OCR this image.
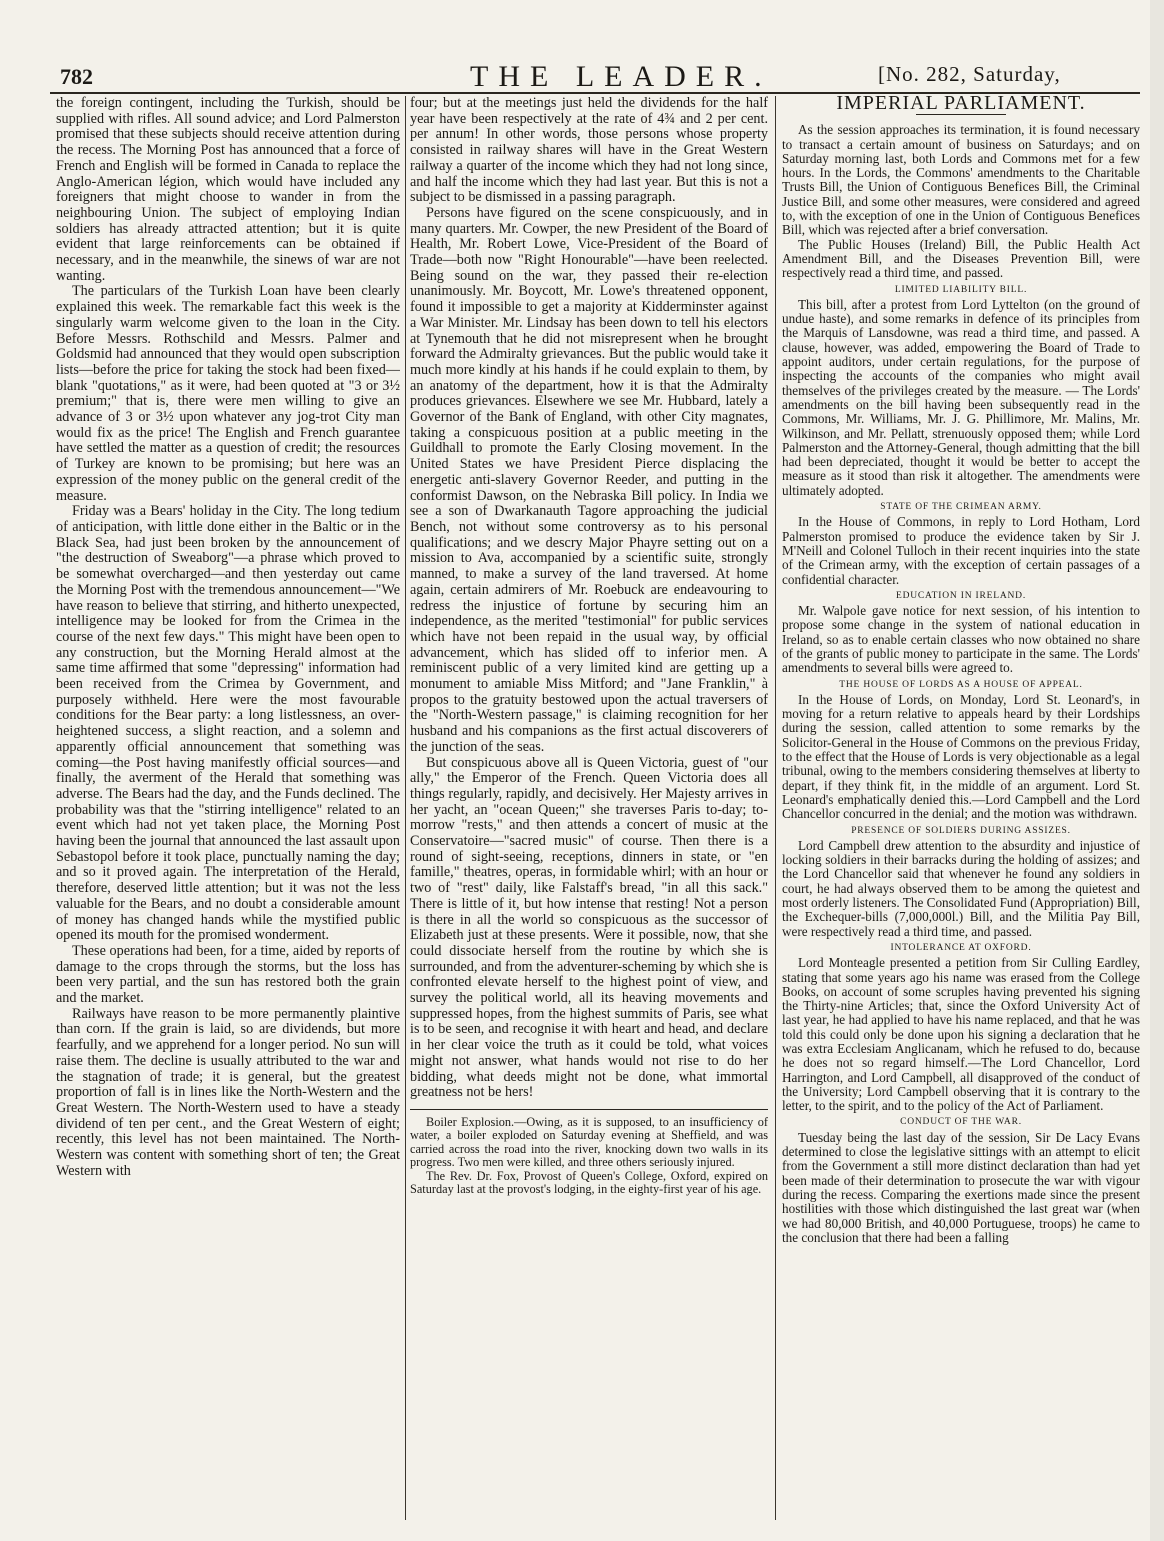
782	THE LEADER.	[No. 282, Saturday,

the foreign contingent, including the Turkish, should be supplied with rifles. All sound advice; and Lord Palmerston promised that these subjects should receive attention during the recess. The Morning Post has announced that a force of French and English will be formed in Canada to replace the Anglo-American légion, which would have included any foreigners that might choose to wander in from the neighbouring Union. The subject of employing Indian soldiers has already attracted attention; but it is quite evident that large reinforcements can be obtained if necessary, and in the meanwhile, the sinews of war are not wanting.

The particulars of the Turkish Loan have been clearly explained this week. The remarkable fact this week is the singularly warm welcome given to the loan in the City. Before Messrs. Rothschild and Messrs. Palmer and Goldsmid had announced that they would open subscription lists—before the price for taking the stock had been fixed—blank "quotations," as it were, had been quoted at "3 or 3½ premium;" that is, there were men willing to give an advance of 3 or 3½ upon whatever any jog-trot City man would fix as the price! The English and French guarantee have settled the matter as a question of credit; the resources of Turkey are known to be promising; but here was an expression of the money public on the general credit of the measure.

Friday was a Bears' holiday in the City. The long tedium of anticipation, with little done either in the Baltic or in the Black Sea, had just been broken by the announcement of "the destruction of Sweaborg"—a phrase which proved to be somewhat overcharged—and then yesterday out came the Morning Post with the tremendous announcement—"We have reason to believe that stirring, and hitherto unexpected, intelligence may be looked for from the Crimea in the course of the next few days." This might have been open to any construction, but the Morning Herald almost at the same time affirmed that some "depressing" information had been received from the Crimea by Government, and purposely withheld. Here were the most favourable conditions for the Bear party: a long listlessness, an over-heightened success, a slight reaction, and a solemn and apparently official announcement that something was coming—the Post having manifestly official sources—and finally, the averment of the Herald that something was adverse. The Bears had the day, and the Funds declined. The probability was that the "stirring intelligence" related to an event which had not yet taken place, the Morning Post having been the journal that announced the last assault upon Sebastopol before it took place, punctually naming the day; and so it proved again. The interpretation of the Herald, therefore, deserved little attention; but it was not the less valuable for the Bears, and no doubt a considerable amount of money has changed hands while the mystified public opened its mouth for the promised wonderment.

These operations had been, for a time, aided by reports of damage to the crops through the storms, but the loss has been very partial, and the sun has restored both the grain and the market.

Railways have reason to be more permanently plaintive than corn. If the grain is laid, so are dividends, but more fearfully, and we apprehend for a longer period. No sun will raise them. The decline is usually attributed to the war and the stagnation of trade; it is general, but the greatest proportion of fall is in lines like the North-Western and the Great Western. The North-Western used to have a steady dividend of ten per cent., and the Great Western of eight; recently, this level has not been maintained. The North-Western was content with something short of ten; the Great Western with

four; but at the meetings just held the dividends for the half year have been respectively at the rate of 4¾ and 2 per cent. per annum! In other words, those persons whose property consisted in railway shares will have in the Great Western railway a quarter of the income which they had not long since, and half the income which they had last year. But this is not a subject to be dismissed in a passing paragraph.

Persons have figured on the scene conspicuously, and in many quarters. Mr. Cowper, the new President of the Board of Health, Mr. Robert Lowe, Vice-President of the Board of Trade—both now "Right Honourable"—have been reelected. Being sound on the war, they passed their re-election unanimously. Mr. Boycott, Mr. Lowe's threatened opponent, found it impossible to get a majority at Kidderminster against a War Minister. Mr. Lindsay has been down to tell his electors at Tynemouth that he did not misrepresent when he brought forward the Admiralty grievances. But the public would take it much more kindly at his hands if he could explain to them, by an anatomy of the department, how it is that the Admiralty produces grievances. Elsewhere we see Mr. Hubbard, lately a Governor of the Bank of England, with other City magnates, taking a conspicuous position at a public meeting in the Guildhall to promote the Early Closing movement. In the United States we have President Pierce displacing the energetic anti-slavery Governor Reeder, and putting in the conformist Dawson, on the Nebraska Bill policy. In India we see a son of Dwarkanauth Tagore approaching the judicial Bench, not without some controversy as to his personal qualifications; and we descry Major Phayre setting out on a mission to Ava, accompanied by a scientific suite, strongly manned, to make a survey of the land traversed. At home again, certain admirers of Mr. Roebuck are endeavouring to redress the injustice of fortune by securing him an independence, as the merited "testimonial" for public services which have not been repaid in the usual way, by official advancement, which has slided off to inferior men. A reminiscent public of a very limited kind are getting up a monument to amiable Miss Mitford; and "Jane Franklin," à propos to the gratuity bestowed upon the actual traversers of the "North-Western passage," is claiming recognition for her husband and his companions as the first actual discoverers of the junction of the seas.

But conspicuous above all is Queen Victoria, guest of "our ally," the Emperor of the French. Queen Victoria does all things regularly, rapidly, and decisively. Her Majesty arrives in her yacht, an "ocean Queen;" she traverses Paris to-day; to-morrow "rests," and then attends a concert of music at the Conservatoire—"sacred music" of course. Then there is a round of sight-seeing, receptions, dinners in state, or "en famille," theatres, operas, in formidable whirl; with an hour or two of "rest" daily, like Falstaff's bread, "in all this sack." There is little of it, but how intense that resting! Not a person is there in all the world so conspicuous as the successor of Elizabeth just at these presents. Were it possible, now, that she could dissociate herself from the routine by which she is surrounded, and from the adventurer-scheming by which she is confronted elevate herself to the highest point of view, and survey the political world, all its heaving movements and suppressed hopes, from the highest summits of Paris, see what is to be seen, and recognise it with heart and head, and declare in her clear voice the truth as it could be told, what voices might not answer, what hands would not rise to do her bidding, what deeds might not be done, what immortal greatness not be hers!

Boiler Explosion.—Owing, as it is supposed, to an insufficiency of water, a boiler exploded on Saturday evening at Sheffield, and was carried across the road into the river, knocking down two walls in its progress. Two men were killed, and three others seriously injured.

The Rev. Dr. Fox, Provost of Queen's College, Oxford, expired on Saturday last at the provost's lodging, in the eighty-first year of his age.

IMPERIAL PARLIAMENT.

As the session approaches its termination, it is found necessary to transact a certain amount of business on Saturdays; and on Saturday morning last, both Lords and Commons met for a few hours. In the Lords, the Commons' amendments to the Charitable Trusts Bill, the Union of Contiguous Benefices Bill, the Criminal Justice Bill, and some other measures, were considered and agreed to, with the exception of one in the Union of Contiguous Benefices Bill, which was rejected after a brief conversation.

The Public Houses (Ireland) Bill, the Public Health Act Amendment Bill, and the Diseases Prevention Bill, were respectively read a third time, and passed.

LIMITED LIABILITY BILL.

This bill, after a protest from Lord Lyttelton (on the ground of undue haste), and some remarks in defence of its principles from the Marquis of Lansdowne, was read a third time, and passed. A clause, however, was added, empowering the Board of Trade to appoint auditors, under certain regulations, for the purpose of inspecting the accounts of the companies who might avail themselves of the privileges created by the measure. — The Lords' amendments on the bill having been subsequently read in the Commons, Mr. Williams, Mr. J. G. Phillimore, Mr. Malins, Mr. Wilkinson, and Mr. Pellatt, strenuously opposed them; while Lord Palmerston and the Attorney-General, though admitting that the bill had been depreciated, thought it would be better to accept the measure as it stood than risk it altogether. The amendments were ultimately adopted.

STATE OF THE CRIMEAN ARMY.

In the House of Commons, in reply to Lord Hotham, Lord Palmerston promised to produce the evidence taken by Sir J. M'Neill and Colonel Tulloch in their recent inquiries into the state of the Crimean army, with the exception of certain passages of a confidential character.

EDUCATION IN IRELAND.

Mr. Walpole gave notice for next session, of his intention to propose some change in the system of national education in Ireland, so as to enable certain classes who now obtained no share of the grants of public money to participate in the same. The Lords' amendments to several bills were agreed to.

THE HOUSE OF LORDS AS A HOUSE OF APPEAL.

In the House of Lords, on Monday, Lord St. Leonard's, in moving for a return relative to appeals heard by their Lordships during the session, called attention to some remarks by the Solicitor-General in the House of Commons on the previous Friday, to the effect that the House of Lords is very objectionable as a legal tribunal, owing to the members considering themselves at liberty to depart, if they think fit, in the middle of an argument. Lord St. Leonard's emphatically denied this.—Lord Campbell and the Lord Chancellor concurred in the denial; and the motion was withdrawn.

PRESENCE OF SOLDIERS DURING ASSIZES.

Lord Campbell drew attention to the absurdity and injustice of locking soldiers in their barracks during the holding of assizes; and the Lord Chancellor said that whenever he found any soldiers in court, he had always observed them to be among the quietest and most orderly listeners. The Consolidated Fund (Appropriation) Bill, the Exchequer-bills (7,000,000l.) Bill, and the Militia Pay Bill, were respectively read a third time, and passed.

INTOLERANCE AT OXFORD.

Lord Monteagle presented a petition from Sir Culling Eardley, stating that some years ago his name was erased from the College Books, on account of some scruples having prevented his signing the Thirty-nine Articles; that, since the Oxford University Act of last year, he had applied to have his name replaced, and that he was told this could only be done upon his signing a declaration that he was extra Ecclesiam Anglicanam, which he refused to do, because he does not so regard himself.—The Lord Chancellor, Lord Harrington, and Lord Campbell, all disapproved of the conduct of the University; Lord Campbell observing that it is contrary to the letter, to the spirit, and to the policy of the Act of Parliament.

CONDUCT OF THE WAR.

Tuesday being the last day of the session, Sir De Lacy Evans determined to close the legislative sittings with an attempt to elicit from the Government a still more distinct declaration than had yet been made of their determination to prosecute the war with vigour during the recess. Comparing the exertions made since the present hostilities with those which distinguished the last great war (when we had 80,000 British, and 40,000 Portuguese, troops) he came to the conclusion that there had been a falling
